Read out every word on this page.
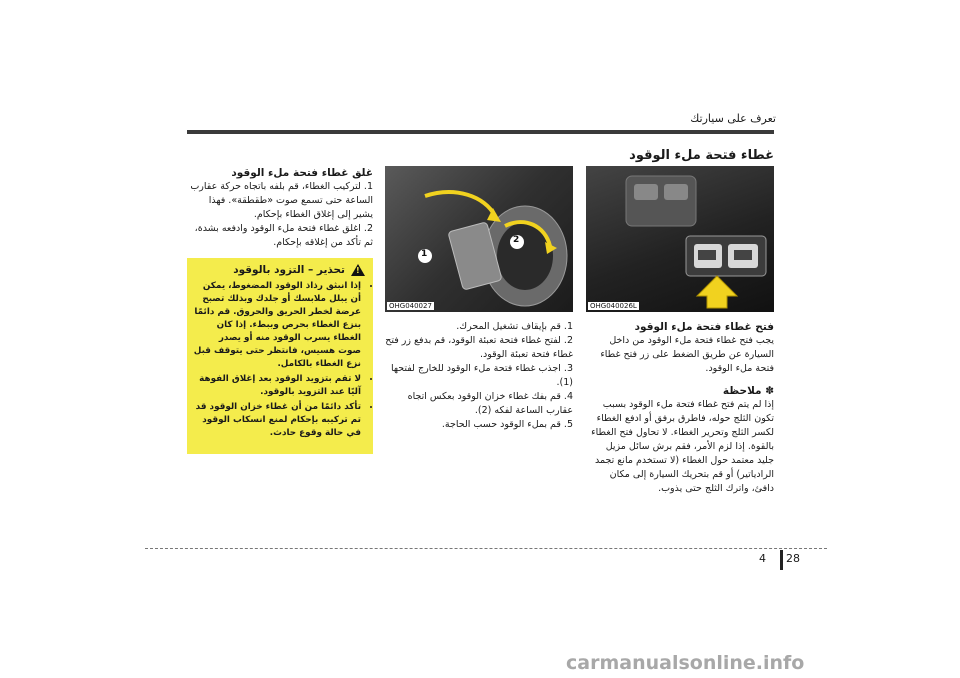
تعرف على سيارتك
غطاء فتحة ملء الوقود
OHG040026L
1
2
OHG040027
فتح غطاء فتحة ملء الوقود
يجب فتح غطاء فتحة ملء الوقود من داخل السيارة عن طريق الضغط على زر فتح غطاء فتحة ملء الوقود.
✽ ملاحظة
إذا لم يتم فتح غطاء فتحة ملء الوقود بسبب تكون الثلج حوله، فاطرق برفق أو ادفع الغطاء لكسر الثلج وتحرير الغطاء. لا تحاول فتح الغطاء بالقوة. إذا لزم الأمر، فقم برش سائل مزيل جليد معتمد حول الغطاء (لا تستخدم مانع تجمد الرادياتير) أو قم بتحريك السيارة إلى مكان دافئ، واترك الثلج حتى يذوب.
1. قم بإيقاف تشغيل المحرك.
2. لفتح غطاء فتحة تعبئة الوقود، قم بدفع زر فتح غطاء فتحة تعبئة الوقود.
3. اجذب غطاء فتحة ملء الوقود للخارج لفتحها (1).
4. قم بفك غطاء خزان الوقود بعكس اتجاه عقارب الساعة لفكه (2).
5. قم بملء الوقود حسب الحاجة.
غلق غطاء فتحة ملء الوقود
1. لتركيب الغطاء، قم بلفه باتجاه حركة عقارب الساعة حتى تسمع صوت «طقطقة». فهذا يشير إلى إغلاق الغطاء بإحكام.
2. اغلق غطاء فتحة ملء الوقود وادفعه بشدة، ثم تأكد من إغلاقه بإحكام.
!
تحذير – التزود بالوقود
• إذا انبثق رذاذ الوقود المضغوط، يمكن أن يبلل ملابسك أو جلدك وبذلك تصبح عرضة لخطر الحريق والحروق. قم دائمًا بنزع الغطاء بحرص وببطء. إذا كان الغطاء يسرب الوقود منه أو يصدر صوت هسيس، فانتظر حتى يتوقف قبل نزع الغطاء بالكامل.
• لا تقم بتزويد الوقود بعد إغلاق الفوهة آليًا عند التزويد بالوقود.
• تأكد دائمًا من أن غطاء خزان الوقود قد تم تركيبه بإحكام لمنع انسكاب الوقود في حالة وقوع حادث.
4 28
carmanualsonline.info
